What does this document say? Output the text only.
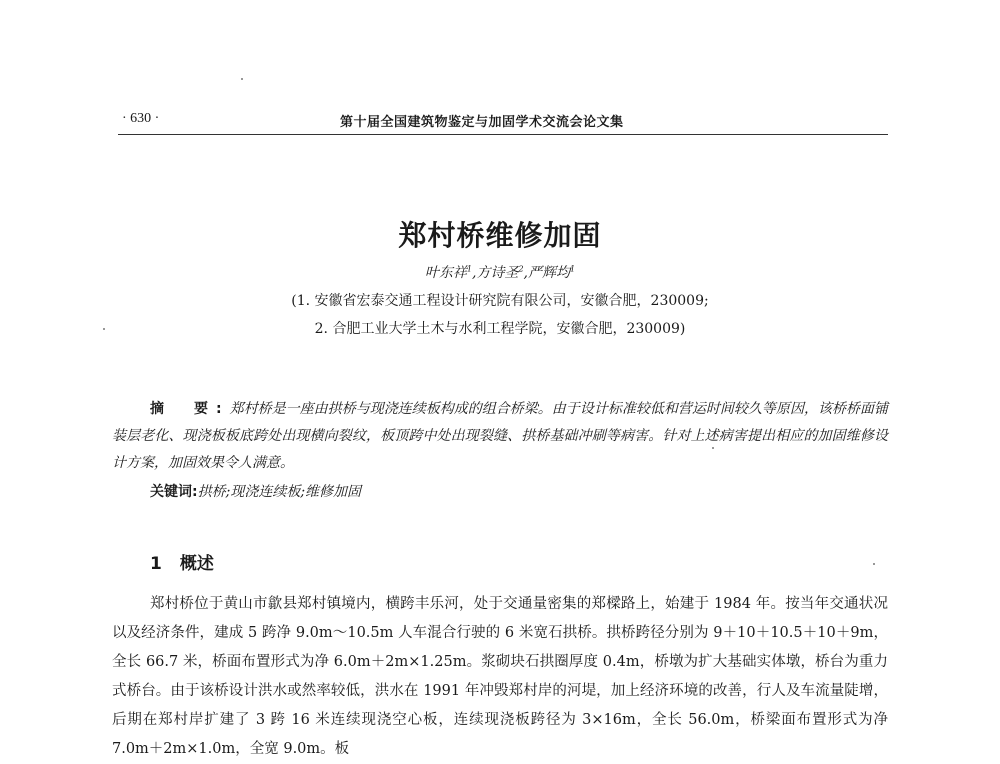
· 630 ·	第十届全国建筑物鉴定与加固学术交流会论文集
郑村桥维修加固
叶东祥$^1$,方诗圣$^2$,严辉均$^1$
(1. 安徽省宏泰交通工程设计研究院有限公司，安徽合肥，230009;
2. 合肥工业大学土木与水利工程学院，安徽合肥，230009)

摘　要:郑村桥是一座由拱桥与现浇连续板构成的组合桥梁。由于设计标准较低和营运时间较久等原因，该桥桥面铺装层老化、现浇板板底跨处出现横向裂纹，板顶跨中处出现裂缝、拱桥基础冲刷等病害。针对上述病害提出相应的加固维修设计方案，加固效果令人满意。

关键词:拱桥;现浇连续板;维修加固
1 概述

郑村桥位于黄山市歙县郑村镇境内，横跨丰乐河，处于交通量密集的郑樑路上，始建于 1984 年。按当年交通状况以及经济条件，建成 5 跨净 9.0m～10.5m 人车混合行驶的 6 米宽石拱桥。拱桥跨径分别为 9＋10＋10.5＋10＋9m，全长 66.7 米，桥面布置形式为净 6.0m＋2m×1.25m。浆砌块石拱圈厚度 0.4m，桥墩为扩大基础实体墩，桥台为重力式桥台。由于该桥设计洪水或然率较低，洪水在 1991 年冲毁郑村岸的河堤，加上经济环境的改善，行人及车流量陡增，后期在郑村岸扩建了 3 跨 16 米连续现浇空心板，连续现浇板跨径为 3×16m，全长 56.0m，桥梁面布置形式为净 7.0m＋2m×1.0m，全宽 9.0m。板
